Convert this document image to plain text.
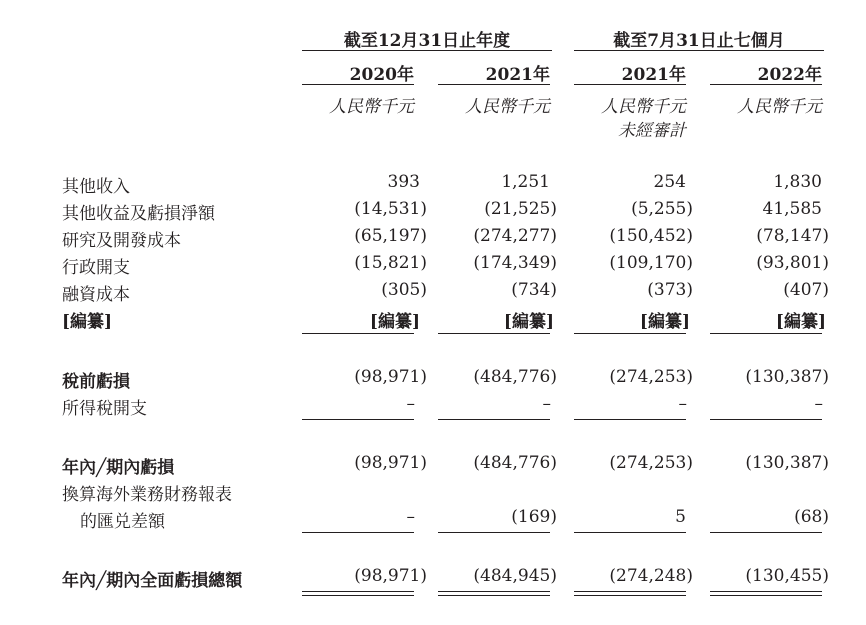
截至12月31日止年度	截至7月31日止七個月
2020年	2021年	2021年	2022年
人民幣千元	人民幣千元	人民幣千元	人民幣千元
未經審計
其他收入	393	1,251	254	1,830
其他收益及虧損淨額	(14,531)	(21,525)	(5,255)	41,585
研究及開發成本	(65,197)	(274,277)	(150,452)	(78,147)
行政開支	(15,821)	(174,349)	(109,170)	(93,801)
融資成本	(305)	(734)	(373)	(407)
[編纂]	[編纂]	[編纂]	[編纂]	[編纂]
稅前虧損	(98,971)	(484,776)	(274,253)	(130,387)
所得稅開支	–	–	–	–
年內╱期內虧損	(98,971)	(484,776)	(274,253)	(130,387)
換算海外業務財務報表
的匯兑差額	–	(169)	5	(68)
年內╱期內全面虧損總額	(98,971)	(484,945)	(274,248)	(130,455)
